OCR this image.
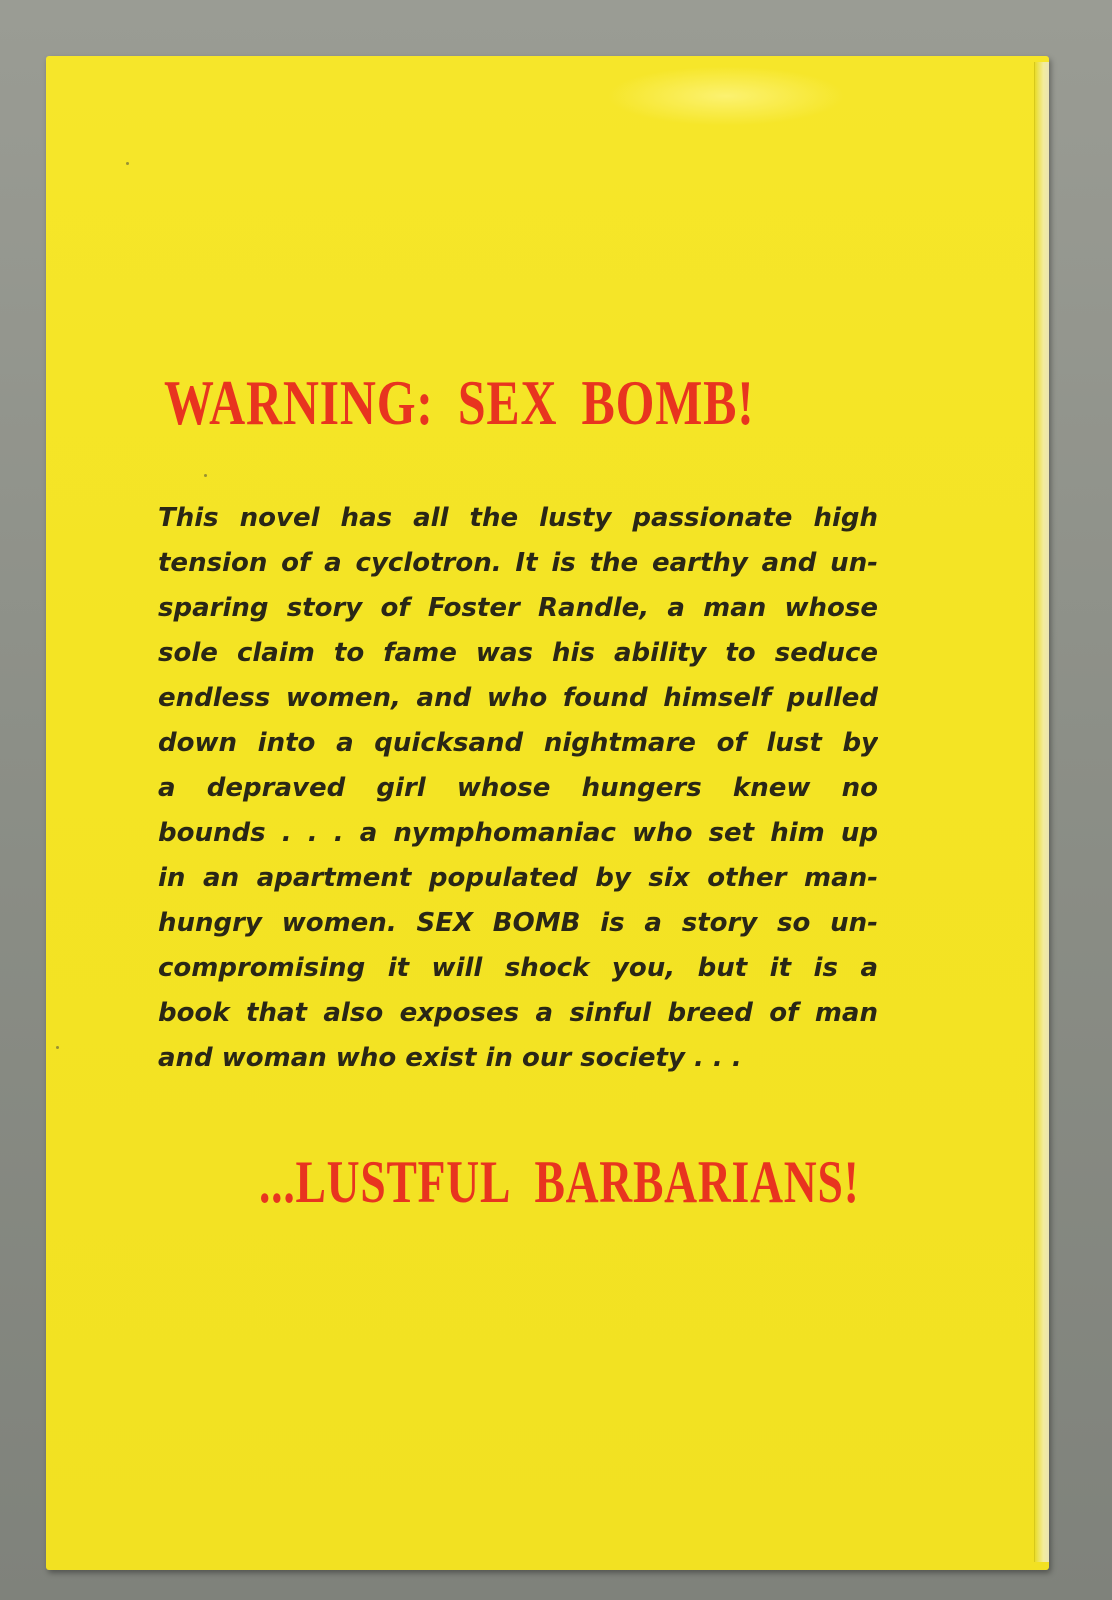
WARNING: SEX BOMB!
This novel has all the lusty passionate high
tension of a cyclotron. It is the earthy and un-
sparing story of Foster Randle, a man whose
sole claim to fame was his ability to seduce
endless women, and who found himself pulled
down into a quicksand nightmare of lust by
a depraved girl whose hungers knew no
bounds . . . a nymphomaniac who set him up
in an apartment populated by six other man-
hungry women. SEX BOMB is a story so un-
compromising it will shock you, but it is a
book that also exposes a sinful breed of man
and woman who exist in our society . . .
...LUSTFUL BARBARIANS!
